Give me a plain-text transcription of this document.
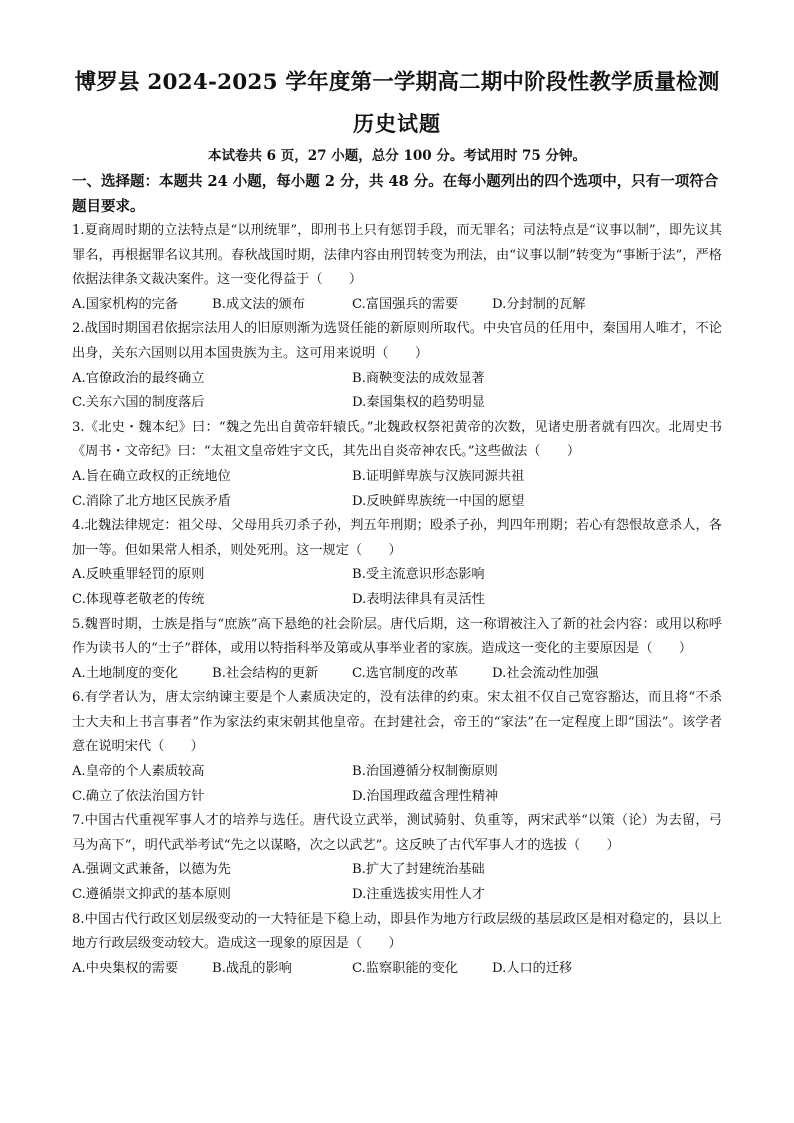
博罗县 2024-2025 学年度第一学期高二期中阶段性教学质量检测
历史试题
本试卷共 6 页，27 小题，总分 100 分。考试用时 75 分钟。
一、选择题：本题共 24 小题，每小题 2 分，共 48 分。在每小题列出的四个选项中，只有一项符合题目要求。
1.夏商周时期的立法特点是“以刑统罪”，即刑书上只有惩罚手段，而无罪名；司法特点是“议事以制”，即先议其罪名，再根据罪名议其刑。春秋战国时期，法律内容由刑罚转变为刑法，由“议事以制”转变为“事断于法”，严格依据法律条文裁决案件。这一变化得益于（　　）
A.国家机构的完备	B.成文法的颁布	C.富国强兵的需要	D.分封制的瓦解
2.战国时期国君依据宗法用人的旧原则渐为选贤任能的新原则所取代。中央官员的任用中，秦国用人唯才，不论出身，关东六国则以用本国贵族为主。这可用来说明（　　）
A.官僚政治的最终确立	B.商鞅变法的成效显著
C.关东六国的制度落后	D.秦国集权的趋势明显
3.《北史・魏本纪》曰：“魏之先出自黄帝轩辕氏。”北魏政权祭祀黄帝的次数，见诸史册者就有四次。北周史书《周书・文帝纪》曰：“太祖文皇帝姓宇文氏，其先出自炎帝神农氏。”这些做法（　　）
A.旨在确立政权的正统地位	B.证明鲜卑族与汉族同源共祖
C.消除了北方地区民族矛盾	D.反映鲜卑族统一中国的愿望
4.北魏法律规定：祖父母、父母用兵刃杀子孙，判五年刑期；殴杀子孙，判四年刑期；若心有怨恨故意杀人，各加一等。但如果常人相杀，则处死刑。这一规定（　　）
A.反映重罪轻罚的原则	B.受主流意识形态影响
C.体现尊老敬老的传统	D.表明法律具有灵活性
5.魏晋时期，士族是指与“庶族”高下悬绝的社会阶层。唐代后期，这一称谓被注入了新的社会内容：或用以称呼作为读书人的“士子”群体，或用以特指科举及第或从事举业者的家族。造成这一变化的主要原因是（　　）
A.土地制度的变化	B.社会结构的更新	C.选官制度的改革	D.社会流动性加强
6.有学者认为，唐太宗纳谏主要是个人素质决定的，没有法律的约束。宋太祖不仅自己宽容豁达，而且将“不杀士大夫和上书言事者”作为家法约束宋朝其他皇帝。在封建社会，帝王的“家法”在一定程度上即“国法”。该学者意在说明宋代（　　）
A.皇帝的个人素质较高	B.治国遵循分权制衡原则
C.确立了依法治国方针	D.治国理政蕴含理性精神
7.中国古代重视军事人才的培养与选任。唐代设立武举，测试骑射、负重等，两宋武举“以策（论）为去留，弓马为高下”，明代武举考试“先之以谋略，次之以武艺”。这反映了古代军事人才的选拔（　　）
A.强调文武兼备，以德为先	B.扩大了封建统治基础
C.遵循崇文抑武的基本原则	D.注重选拔实用性人才
8.中国古代行政区划层级变动的一大特征是下稳上动，即县作为地方行政层级的基层政区是相对稳定的，县以上地方行政层级变动较大。造成这一现象的原因是（　　）
A.中央集权的需要	B.战乱的影响	C.监察职能的变化	D.人口的迁移
